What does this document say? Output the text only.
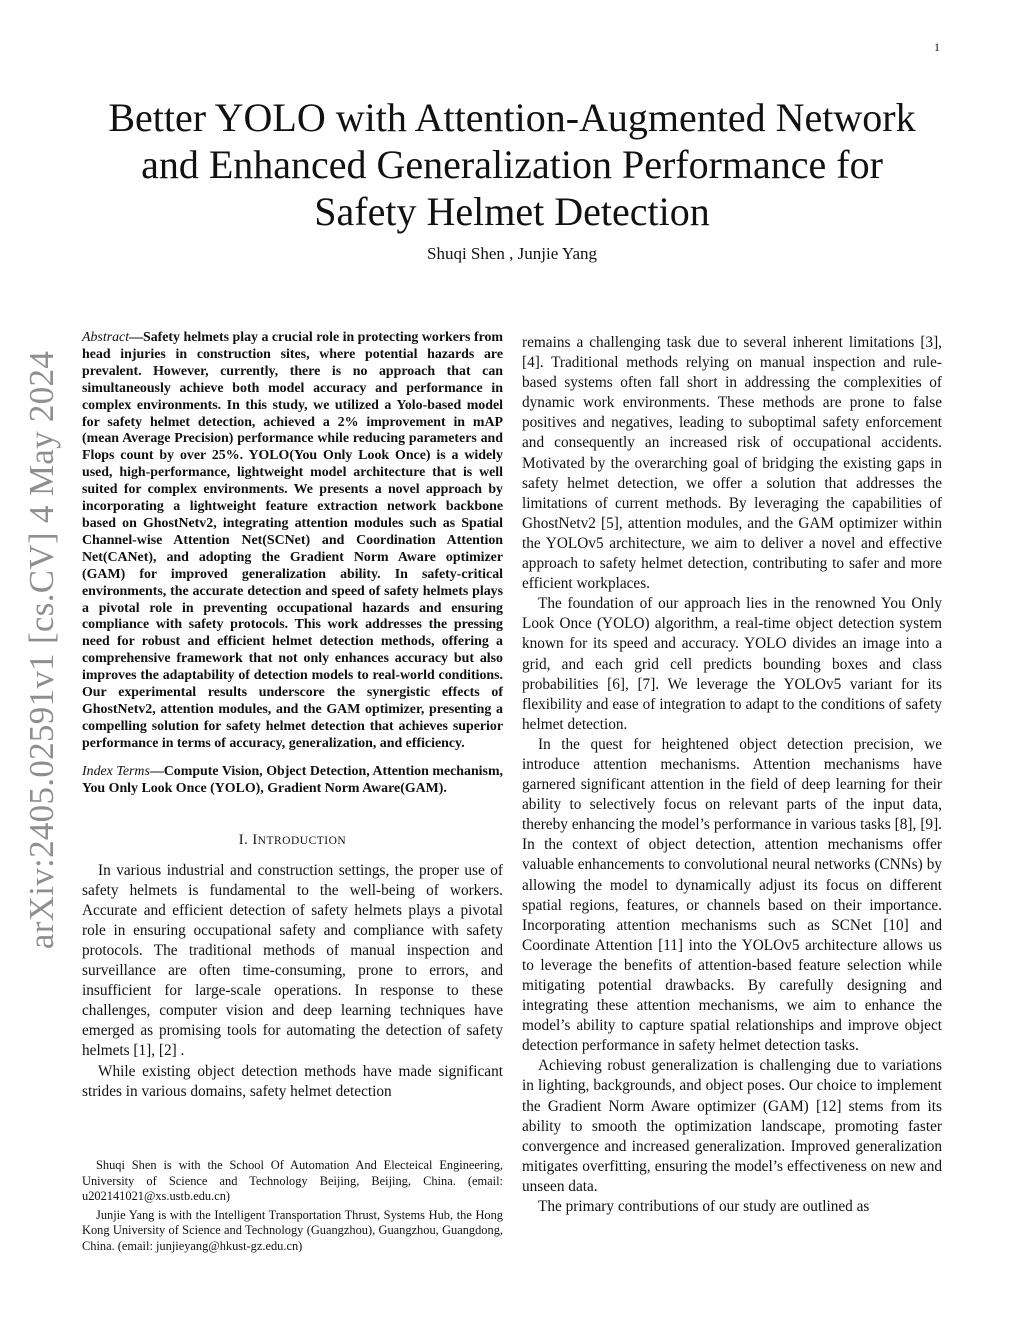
1
arXiv:2405.02591v1 [cs.CV] 4 May 2024
Better YOLO with Attention-Augmented Network
and Enhanced Generalization Performance for
Safety Helmet Detection
Shuqi Shen , Junjie Yang

Abstract—Safety helmets play a crucial role in protecting workers from head injuries in construction sites, where potential hazards are prevalent. However, currently, there is no approach that can simultaneously achieve both model accuracy and performance in complex environments. In this study, we utilized a Yolo-based model for safety helmet detection, achieved a 2% improvement in mAP (mean Average Precision) performance while reducing parameters and Flops count by over 25%. YOLO(You Only Look Once) is a widely used, high-performance, lightweight model architecture that is well suited for complex environments. We presents a novel approach by incorporating a lightweight feature extraction network backbone based on GhostNetv2, integrating attention modules such as Spatial Channel-wise Attention Net(SCNet) and Coordination Attention Net(CANet), and adopting the Gradient Norm Aware optimizer (GAM) for improved generalization ability. In safety-critical environments, the accurate detection and speed of safety helmets plays a pivotal role in preventing occupational hazards and ensuring compliance with safety protocols. This work addresses the pressing need for robust and efficient helmet detection methods, offering a comprehensive framework that not only enhances accuracy but also improves the adaptability of detection models to real-world conditions. Our experimental results underscore the synergistic effects of GhostNetv2, attention modules, and the GAM optimizer, presenting a compelling solution for safety helmet detection that achieves superior performance in terms of accuracy, generalization, and efficiency.

Index Terms—Compute Vision, Object Detection, Attention mechanism, You Only Look Once (YOLO), Gradient Norm Aware(GAM).

I. INTRODUCTION

In various industrial and construction settings, the proper use of safety helmets is fundamental to the well-being of workers. Accurate and efficient detection of safety helmets plays a pivotal role in ensuring occupational safety and compliance with safety protocols. The traditional methods of manual inspection and surveillance are often time-consuming, prone to errors, and insufficient for large-scale operations. In response to these challenges, computer vision and deep learning techniques have emerged as promising tools for automating the detection of safety helmets [1], [2] .

While existing object detection methods have made significant strides in various domains, safety helmet detection

Shuqi Shen is with the School Of Automation And Electeical Engineering, University of Science and Technology Beijing, Beijing, China. (email: u202141021@xs.ustb.edu.cn)

Junjie Yang is with the Intelligent Transportation Thrust, Systems Hub, the Hong Kong University of Science and Technology (Guangzhou), Guangzhou, Guangdong, China. (email: junjieyang@hkust-gz.edu.cn)

remains a challenging task due to several inherent limitations [3], [4]. Traditional methods relying on manual inspection and rule-based systems often fall short in addressing the complexities of dynamic work environments. These methods are prone to false positives and negatives, leading to suboptimal safety enforcement and consequently an increased risk of occupational accidents. Motivated by the overarching goal of bridging the existing gaps in safety helmet detection, we offer a solution that addresses the limitations of current methods. By leveraging the capabilities of GhostNetv2 [5], attention modules, and the GAM optimizer within the YOLOv5 architecture, we aim to deliver a novel and effective approach to safety helmet detection, contributing to safer and more efficient workplaces.

The foundation of our approach lies in the renowned You Only Look Once (YOLO) algorithm, a real-time object detection system known for its speed and accuracy. YOLO divides an image into a grid, and each grid cell predicts bounding boxes and class probabilities [6], [7]. We leverage the YOLOv5 variant for its flexibility and ease of integration to adapt to the conditions of safety helmet detection.

In the quest for heightened object detection precision, we introduce attention mechanisms. Attention mechanisms have garnered significant attention in the field of deep learning for their ability to selectively focus on relevant parts of the input data, thereby enhancing the model’s performance in various tasks [8], [9]. In the context of object detection, attention mechanisms offer valuable enhancements to convolutional neural networks (CNNs) by allowing the model to dynamically adjust its focus on different spatial regions, features, or channels based on their importance. Incorporating attention mechanisms such as SCNet [10] and Coordinate Attention [11] into the YOLOv5 architecture allows us to leverage the benefits of attention-based feature selection while mitigating potential drawbacks. By carefully designing and integrating these attention mechanisms, we aim to enhance the model’s ability to capture spatial relationships and improve object detection performance in safety helmet detection tasks.

Achieving robust generalization is challenging due to variations in lighting, backgrounds, and object poses. Our choice to implement the Gradient Norm Aware optimizer (GAM) [12] stems from its ability to smooth the optimization landscape, promoting faster convergence and increased generalization. Improved generalization mitigates overfitting, ensuring the model’s effectiveness on new and unseen data.

The primary contributions of our study are outlined as
